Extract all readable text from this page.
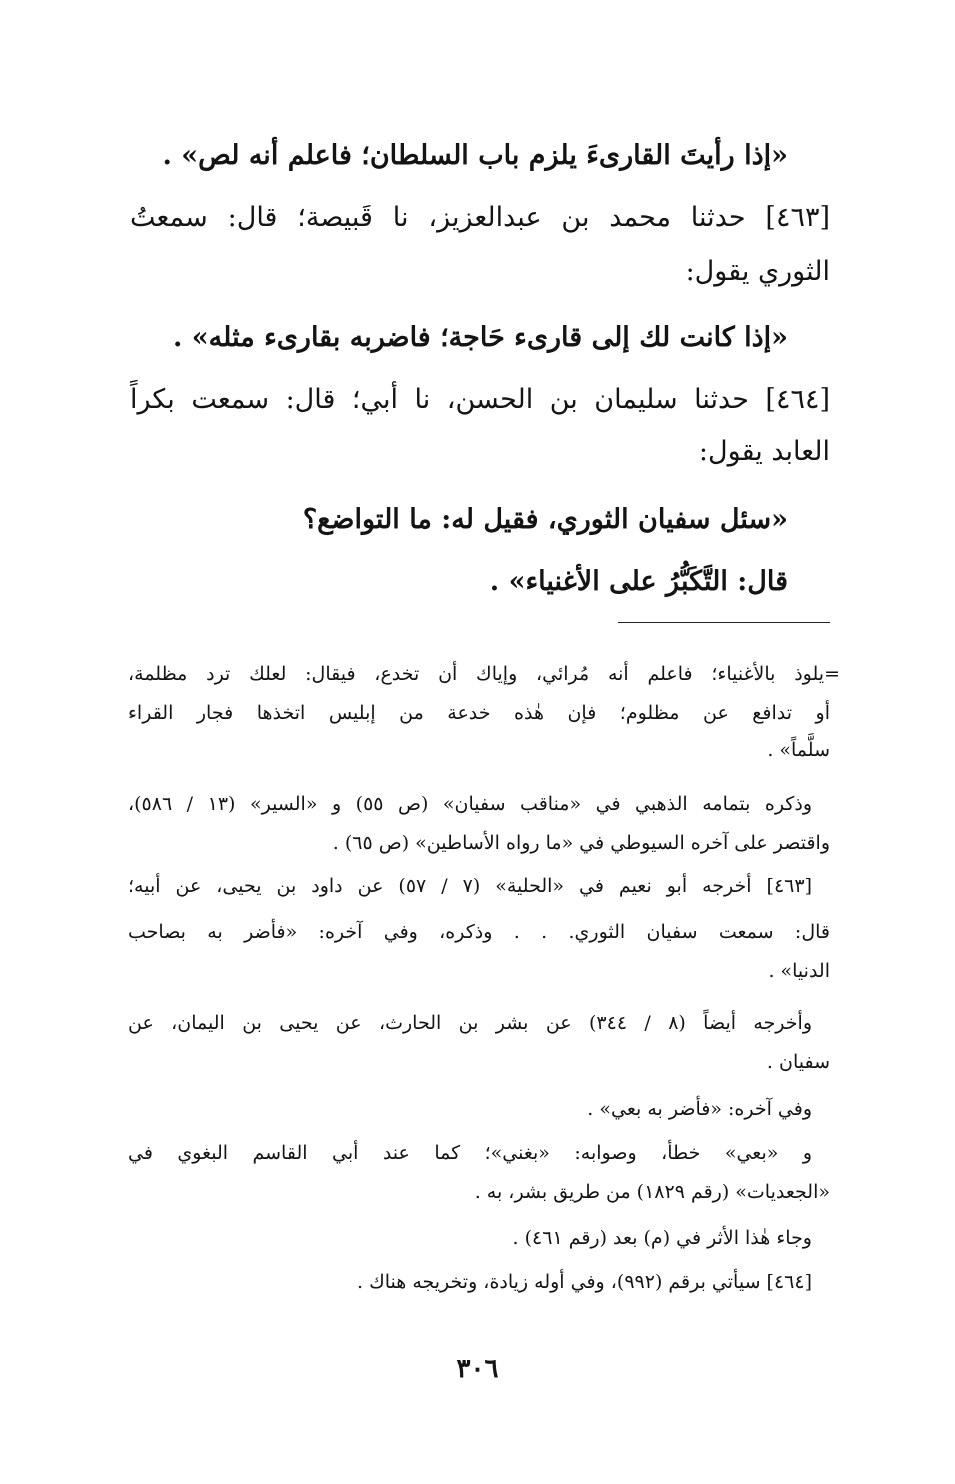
«إذا رأيتَ القارىءَ يلزم باب السلطان؛ فاعلم أنه لص» .
[٤٦٣] حدثنا محمد بن عبدالعزيز، نا قَبيصة؛ قال: سمعتُ
الثوري يقول:
«إذا كانت لك إلى قارىء حَاجة؛ فاضربه بقارىء مثله» .
[٤٦٤] حدثنا سليمان بن الحسن، نا أبي؛ قال: سمعت بكراً
العابد يقول:
«سئل سفيان الثوري، فقيل له: ما التواضع؟
قال: التَّكَبُّرُ على الأغنياء» .
=يلوذ بالأغنياء؛ فاعلم أنه مُرائي، وإياك أن تخدع، فيقال: لعلك ترد مظلمة،
أو تدافع عن مظلوم؛ فإن هٰذه خدعة من إبليس اتخذها فجار القراء
سلَّماً» .
وذكره بتمامه الذهبي في «مناقب سفيان» (ص ٥٥) و «السير» (١٣ / ٥٨٦)،
واقتصر على آخره السيوطي في «ما رواه الأساطين» (ص ٦٥) .
[٤٦٣] أخرجه أبو نعيم في «الحلية» (٧ / ٥٧) عن داود بن يحيى، عن أبيه؛
قال: سمعت سفيان الثوري. . . وذكره، وفي آخره: «فأضر به بصاحب
الدنيا» .
وأخرجه أيضاً (٨ / ٣٤٤) عن بشر بن الحارث، عن يحيى بن اليمان، عن
سفيان .
وفي آخره: «فأضر به بعي» .
و «بعي» خطأ، وصوابه: «بغني»؛ كما عند أبي القاسم البغوي في
«الجعديات» (رقم ١٨٢٩) من طريق بشر، به .
وجاء هٰذا الأثر في (م) بعد (رقم ٤٦١) .
[٤٦٤] سيأتي برقم (٩٩٢)، وفي أوله زيادة، وتخريجه هناك .
٣٠٦
